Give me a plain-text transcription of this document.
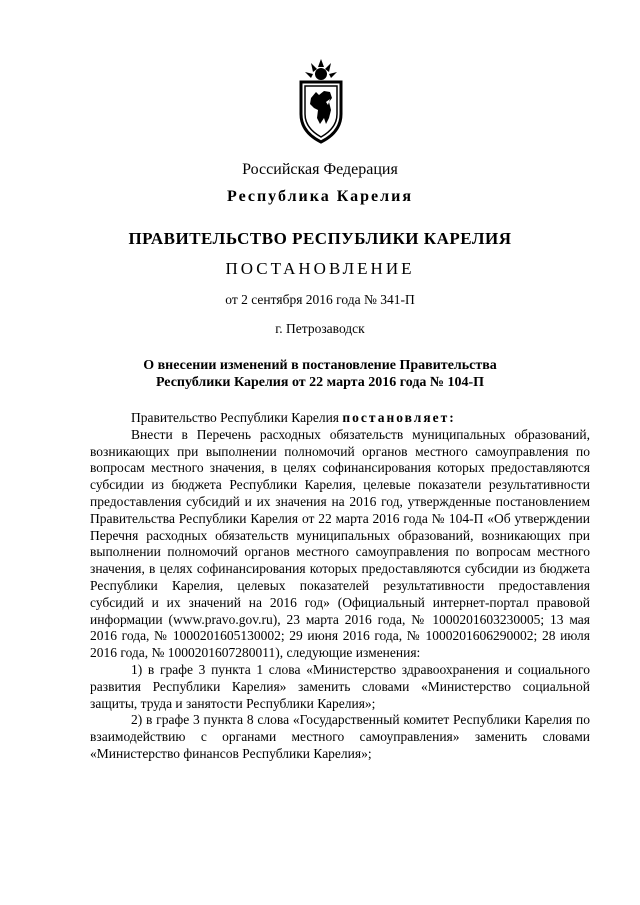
Российская Федерация
Республика Карелия
ПРАВИТЕЛЬСТВО РЕСПУБЛИКИ КАРЕЛИЯ
ПОСТАНОВЛЕНИЕ
от 2 сентября 2016 года № 341-П
г. Петрозаводск
О внесении изменений в постановление Правительства
Республики Карелия от 22 марта 2016 года № 104-П

Правительство Республики Карелия постановляет:

Внести в Перечень расходных обязательств муниципальных образований, возникающих при выполнении полномочий органов местного самоуправления по вопросам местного значения, в целях софинансирования которых предоставляются субсидии из бюджета Республики Карелия, целевые показатели результативности предоставления субсидий и их значения на 2016 год, утвержденные постановлением Правительства Республики Карелия от 22 марта 2016 года № 104-П «Об утверждении Перечня расходных обязательств муниципальных образований, возникающих при выполнении полномочий органов местного самоуправления по вопросам местного значения, в целях софинансирования которых предоставляются субсидии из бюджета Республики Карелия, целевых показателей результативности предоставления субсидий и их значений на 2016 год» (Официальный интернет-портал правовой информации (www.pravo.gov.ru), 23 марта 2016 года, № 1000201603230005; 13 мая 2016 года, № 1000201605130002; 29 июня 2016 года, № 1000201606290002; 28 июля 2016 года, № 1000201607280011), следующие изменения:

1) в графе 3 пункта 1 слова «Министерство здравоохранения и социального развития Республики Карелия» заменить словами «Министерство социальной защиты, труда и занятости Республики Карелия»;

2) в графе 3 пункта 8 слова «Государственный комитет Республики Карелия по взаимодействию с органами местного самоуправления» заменить словами «Министерство финансов Республики Карелия»;
